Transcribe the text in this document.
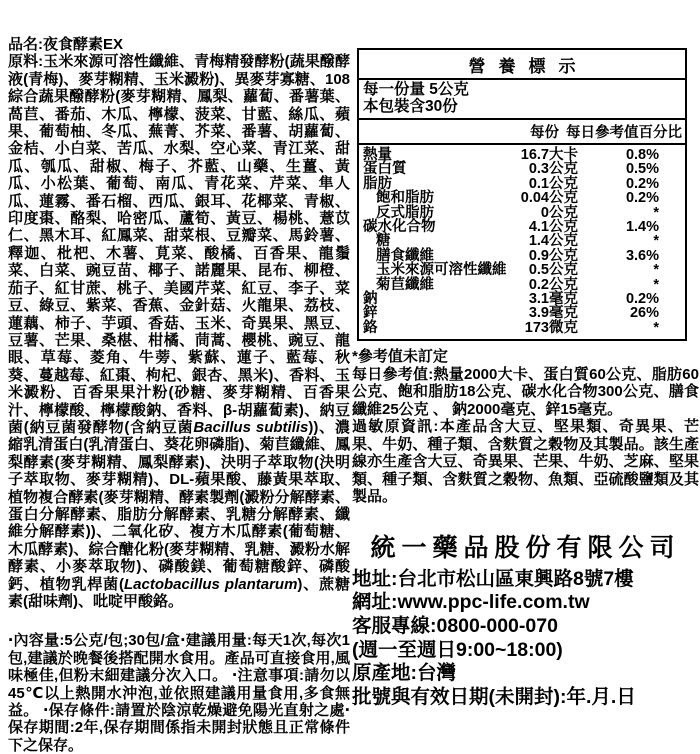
品名:夜食酵素EX
原料:玉米來源可溶性纖維、青梅精發酵粉(蔬果醱酵液(青梅)、麥芽糊精、玉米澱粉)、異麥芽寡糖、108綜合蔬果醱酵粉(麥芽糊精、鳳梨、蘿蔔、番薯葉、萵苣、番茄、木瓜、檸檬、菠菜、甘藍、絲瓜、蘋果、葡萄柚、冬瓜、蕪菁、芥菜、番薯、胡蘿蔔、金桔、小白菜、苦瓜、水梨、空心菜、青江菜、甜瓜、瓠瓜、甜椒、梅子、芥藍、山藥、生薑、黃瓜、小松葉、葡萄、南瓜、青花菜、芹菜、隼人瓜、蓮霧、番石榴、西瓜、銀耳、花椰菜、青椒、印度棗、酪梨、哈密瓜、蘆筍、黃豆、楊桃、薏苡仁、黑木耳、紅鳳菜、甜菜根、豆瓣菜、馬鈴薯、釋迦、枇杷、木薯、莧菜、酸橘、百香果、龍鬚菜、白菜、豌豆苗、椰子、諾麗果、昆布、柳橙、茄子、紅甘蔗、桃子、美國芹菜、紅豆、李子、菜豆、綠豆、紫菜、香蕉、金針菇、火龍果、荔枝、蓮藕、柿子、芋頭、香菇、玉米、奇異果、黑豆、豆薯、芒果、桑椹、柑橘、茼蒿、櫻桃、豌豆、龍眼、草莓、菱角、牛蒡、紫蘇、蓮子、藍莓、秋葵、蔓越莓、紅棗、枸杞、銀杏、黑米)、香料、玉米澱粉、百香果果汁粉(砂糖、麥芽糊精、百香果汁、檸檬酸、檸檬酸鈉、香料、β-胡蘿蔔素)、納豆菌(納豆菌發酵物(含納豆菌Bacillus subtilis))、濃縮乳清蛋白(乳清蛋白、葵花卵磷脂)、菊苣纖維、鳳梨酵素(麥芽糊精、鳳梨酵素)、決明子萃取物(決明子萃取物、麥芽糊精)、DL-蘋果酸、藤黃果萃取、植物複合酵素(麥芽糊精、酵素製劑(澱粉分解酵素、蛋白分解酵素、脂肪分解酵素、乳糖分解酵素、纖維分解酵素))、二氧化矽、複方木瓜酵素(葡萄糖、木瓜酵素)、綜合醣化粉(麥芽糊精、乳糖、澱粉水解酵素、小麥萃取物)、磷酸鎂、葡萄糖酸鋅、磷酸鈣、植物乳桿菌(Lactobacillus plantarum)、蔗糖素(甜味劑)、吡啶甲酸鉻。
‧內容量:5公克/包;30包/盒‧建議用量:每天1次,每次1包,建議於晚餐後搭配開水食用。產品可直接食用,風味極佳,但粉末細建議分次入口。 ‧注意事項:請勿以45℃以上熱開水沖泡,並依照建議用量食用,多食無益。 ‧保存條件:請置於陰涼乾燥避免陽光直射之處‧保存期間:2年,保存期間係指未開封狀態且正常條件下之保存。
營養標示
每一份量 5公克
本包裝含30份
每份 每日參考值百分比
熱量	16.7 大卡	0.8%
蛋白質	0.3 公克	0.5%
脂肪	0.1 公克	0.2%
飽和脂肪	0.04 公克	0.2%
反式脂肪	0 公克	*
碳水化合物	4.1 公克	1.4%
糖	1.4 公克	*
膳食纖維	0.9 公克	3.6%
玉米來源可溶性纖維	0.5 公克	*
菊苣纖維	0.2 公克	*
鈉	3.1 毫克	0.2%
鋅	3.9 毫克	26%
鉻	173 微克	*
*參考值未訂定
每日參考值:熱量2000大卡、蛋白質60公克、脂肪60公克、飽和脂肪18公克、碳水化合物300公克、膳食纖維25公克 、 鈉2000毫克、鋅15毫克。
過敏原資訊:本產品含大豆、堅果類、奇異果、芒果、牛奶、種子類、含麩質之穀物及其製品。該生產線亦生產含大豆、奇異果、芒果、牛奶、芝麻、堅果類、種子類、含麩質之穀物、魚類、亞硫酸鹽類及其製品。
統一藥品股份有限公司
地址:台北市松山區東興路8號7樓
網址:www.ppc-life.com.tw
客服專線:0800-000-070
(週一至週日9:00~18:00)
原產地:台灣
批號與有效日期(未開封):年.月.日
